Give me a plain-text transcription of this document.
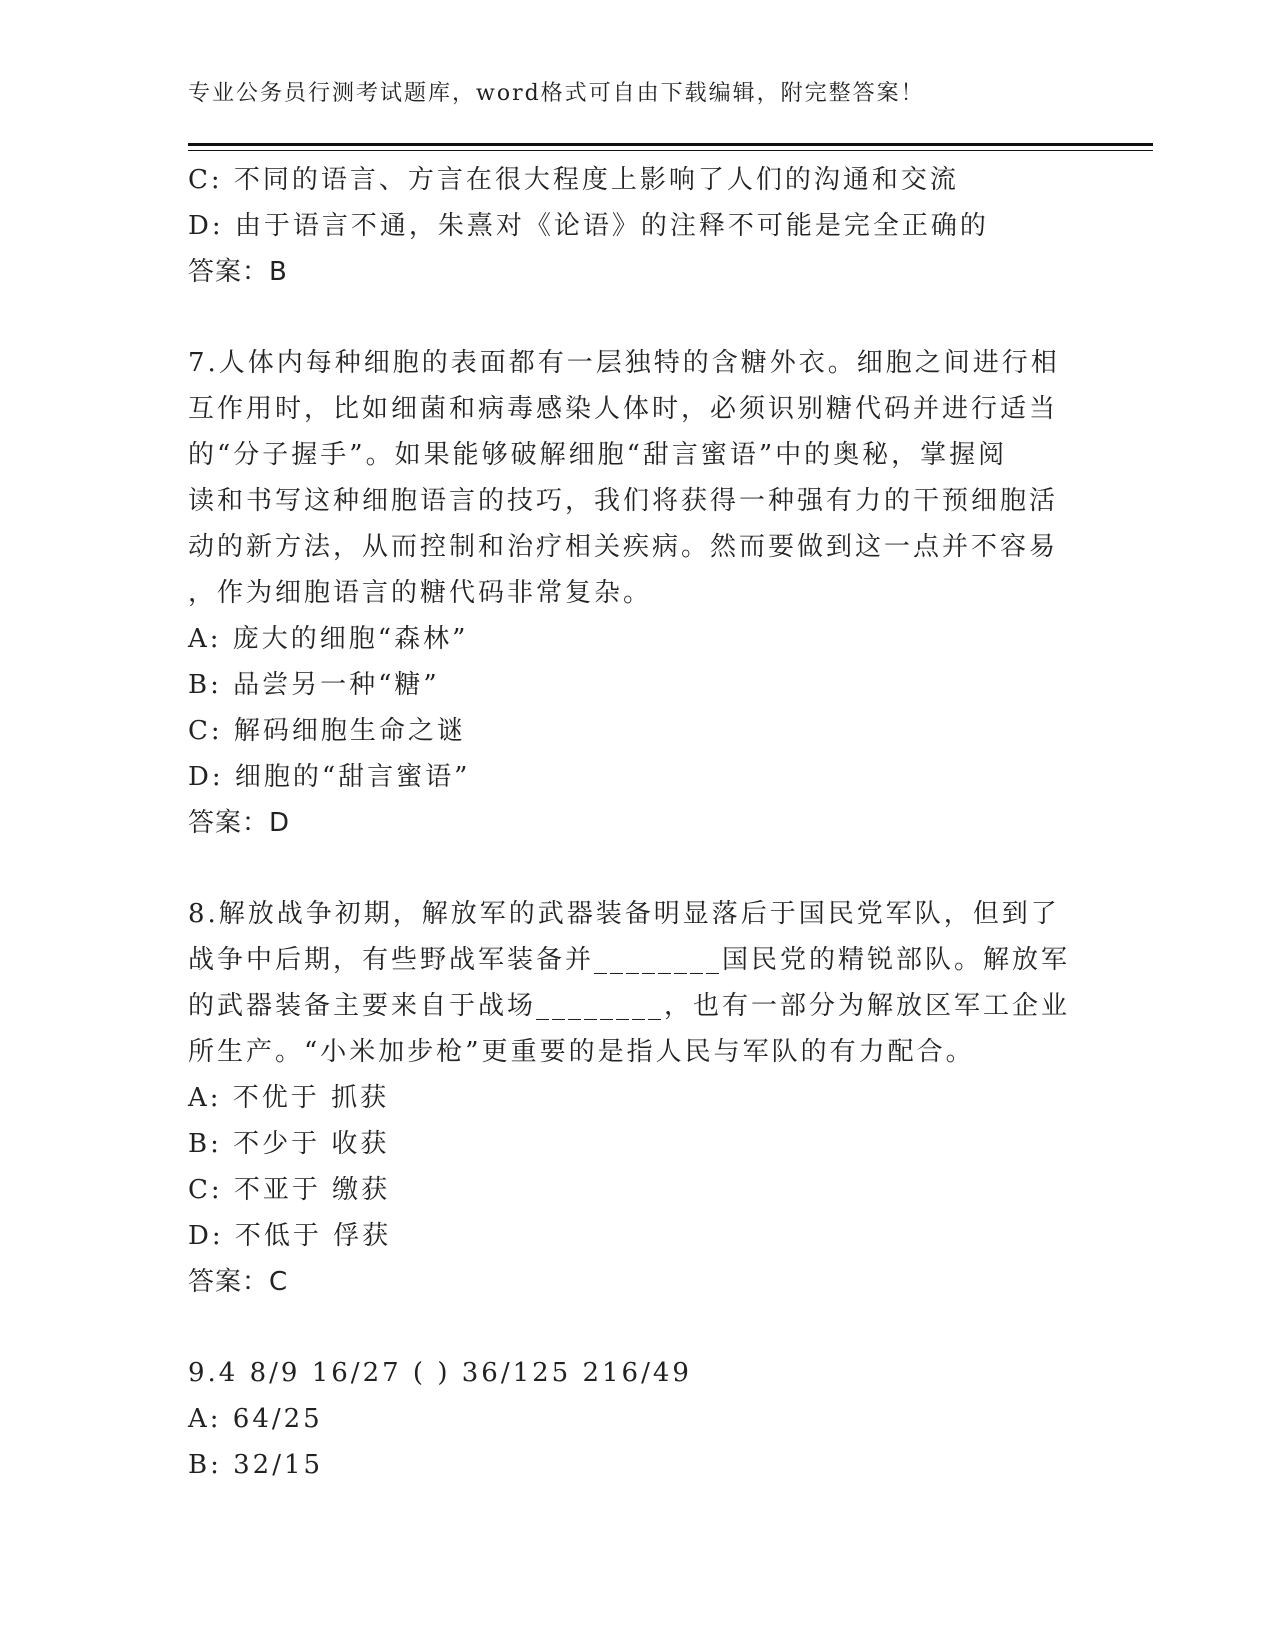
专业公务员行测考试题库，word格式可自由下载编辑，附完整答案！
C: 不同的语言、方言在很大程度上影响了人们的沟通和交流
D: 由于语言不通，朱熹对《论语》的注释不可能是完全正确的
答案：B
7.人体内每种细胞的表面都有一层独特的含糖外衣。细胞之间进行相
互作用时，比如细菌和病毒感染人体时，必须识别糖代码并进行适当
的“分子握手”。如果能够破解细胞“甜言蜜语”中的奥秘，掌握阅
读和书写这种细胞语言的技巧，我们将获得一种强有力的干预细胞活
动的新方法，从而控制和治疗相关疾病。然而要做到这一点并不容易
，作为细胞语言的糖代码非常复杂。
A: 庞大的细胞“森林”
B: 品尝另一种“糖”
C: 解码细胞生命之谜
D: 细胞的“甜言蜜语”
答案：D
8.解放战争初期，解放军的武器装备明显落后于国民党军队，但到了
战争中后期，有些野战军装备并________国民党的精锐部队。解放军
的武器装备主要来自于战场________，也有一部分为解放区军工企业
所生产。“小米加步枪”更重要的是指人民与军队的有力配合。
A: 不优于 抓获
B: 不少于 收获
C: 不亚于 缴获
D: 不低于 俘获
答案：C
9.4 8/9 16/27 ( ) 36/125 216/49
A: 64/25
B: 32/15
